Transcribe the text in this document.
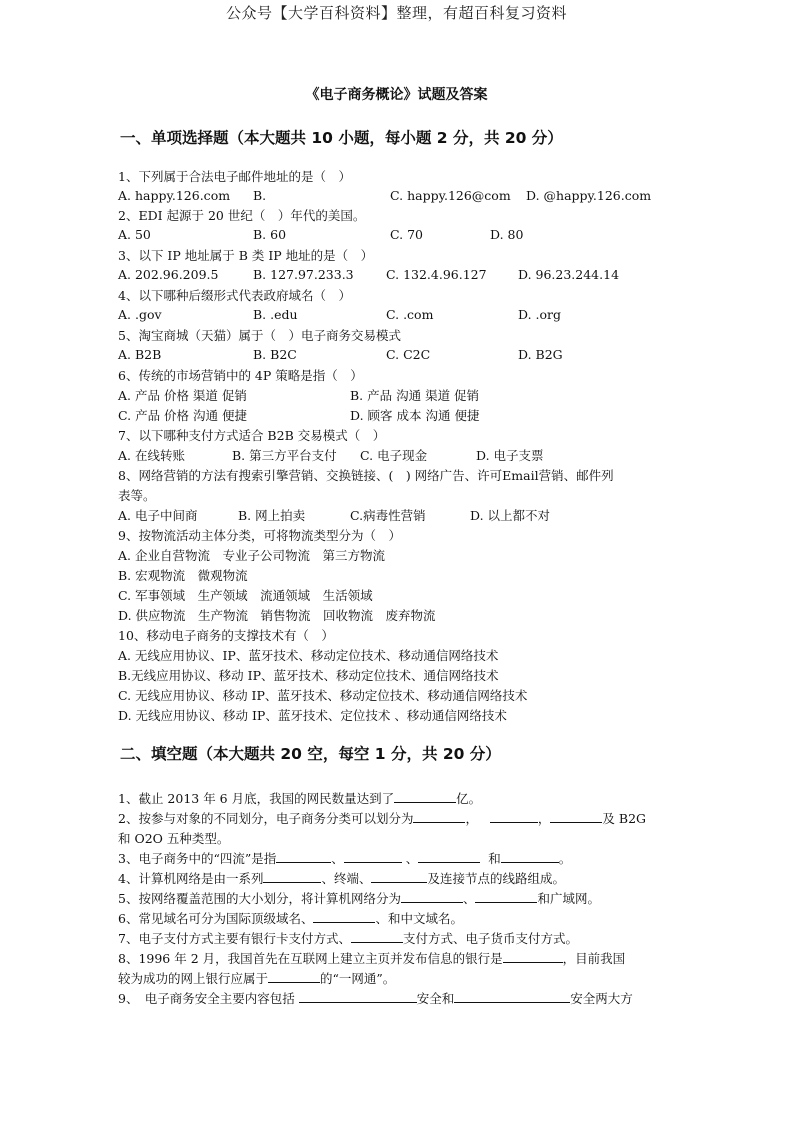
公众号【大学百科资料】整理，有超百科复习资料
《电子商务概论》试题及答案
一、单项选择题（本大题共 10 小题，每小题 2 分，共 20 分）
1、下列属于合法电子邮件地址的是（　）
A. happy.126.com B.	C. happy.126@com D. @happy.126.com
2、EDI 起源于 20 世纪（　）年代的美国。
A. 50	B. 60	C. 70	D. 80
3、以下 IP 地址属于 B 类 IP 地址的是（　）
A. 202.96.209.5	B. 127.97.233.3	C. 132.4.96.127	D. 96.23.244.14
4、以下哪种后缀形式代表政府域名（　）
A. .gov	B. .edu	C. .com	D. .org
5、淘宝商城（天猫）属于（　）电子商务交易模式
A. B2B	B. B2C	C. C2C	D. B2G
6、传统的市场营销中的 4P 策略是指（　）
A. 产品 价格 渠道 促销	B. 产品 沟通 渠道 促销
C. 产品 价格 沟通 便捷	D. 顾客 成本 沟通 便捷
7、以下哪种支付方式适合 B2B 交易模式（　）
A. 在线转账	B. 第三方平台支付 C. 电子现金	D. 电子支票
8、网络营销的方法有搜索引擎营销、交换链接、(　) 网络广告、许可Email营销、邮件列
表等。
A. 电子中间商	B. 网上拍卖	C.病毒性营销	D. 以上都不对
9、按物流活动主体分类，可将物流类型分为（　）
A. 企业自营物流　专业子公司物流　第三方物流
B. 宏观物流　微观物流
C. 军事领域　生产领域　流通领域　生活领域
D. 供应物流　生产物流　销售物流　回收物流　废弃物流
10、移动电子商务的支撑技术有（　）
A. 无线应用协议、IP、蓝牙技术、移动定位技术、移动通信网络技术
B.无线应用协议、移动 IP、蓝牙技术、移动定位技术、通信网络技术
C. 无线应用协议、移动 IP、蓝牙技术、移动定位技术、移动通信网络技术
D. 无线应用协议、移动 IP、蓝牙技术、定位技术 、移动通信网络技术
二、填空题（本大题共 20 空，每空 1 分，共 20 分）
1、截止 2013 年 6 月底，我国的网民数量达到了	亿。
2、按参与对象的不同划分，电子商务分类可以划分为	，	，	及 B2G
和 O2O 五种类型。
3、电子商务中的“四流”是指	、	、	和	。
4、计算机网络是由一系列	、终端、	及连接节点的线路组成。
5、按网络覆盖范围的大小划分，将计算机网络分为	、	和广域网。
6、常见域名可分为国际顶级域名、	、和中文域名。
7、电子支付方式主要有银行卡支付方式、	支付方式、电子货币支付方式。
8、1996 年 2 月，我国首先在互联网上建立主页并发布信息的银行是	，目前我国
较为成功的网上银行应属于	的“一网通”。
9、　电子商务安全主要内容包括	安全和	安全两大方
